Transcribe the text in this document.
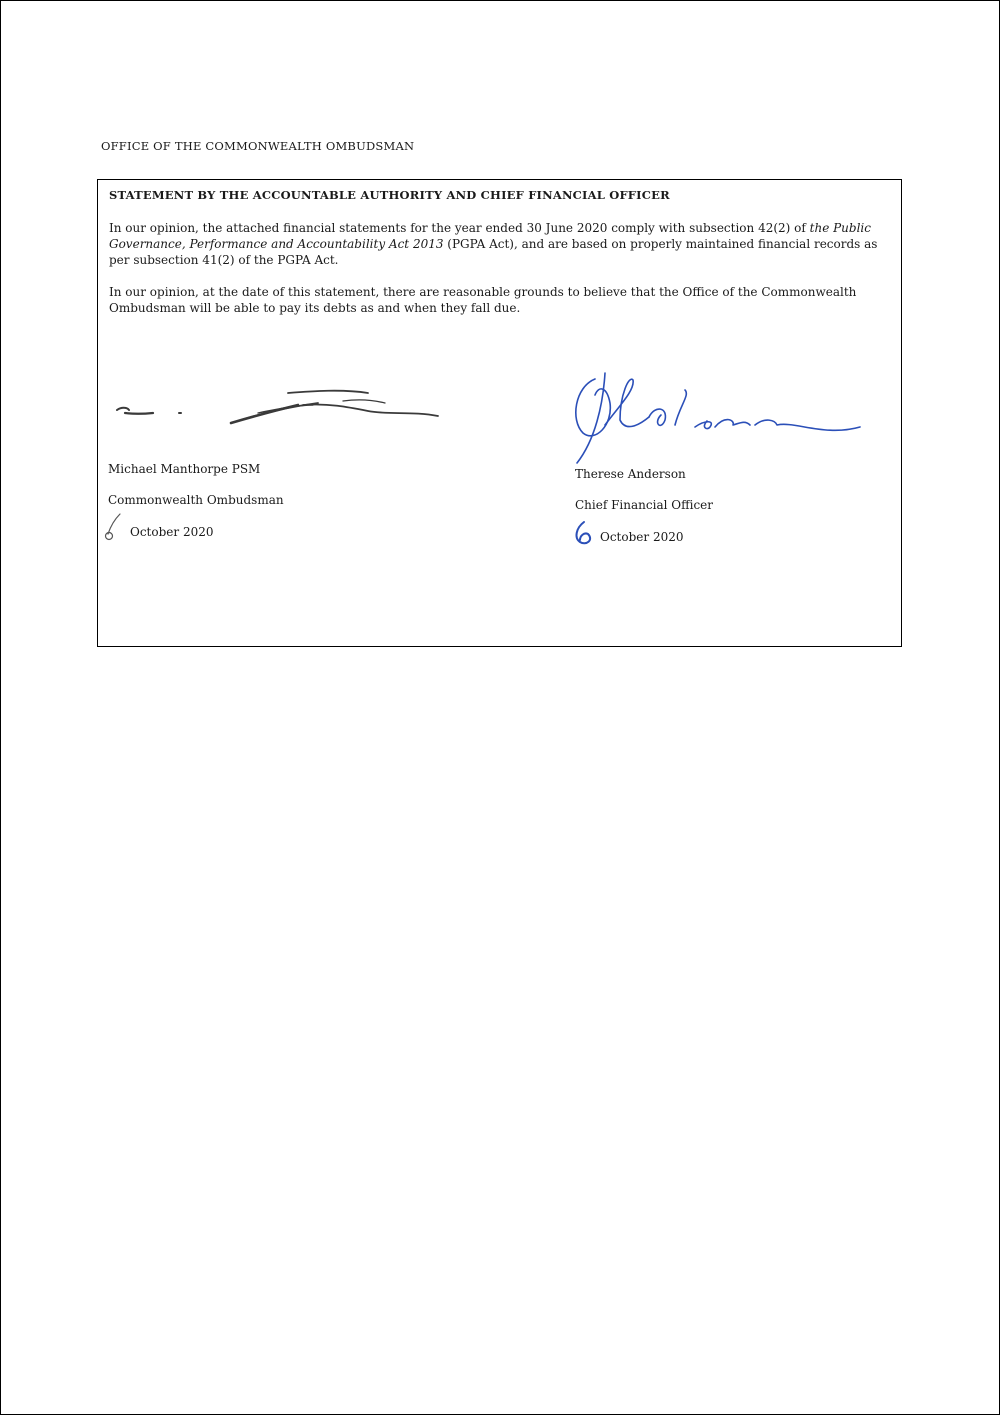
OFFICE OF THE COMMONWEALTH OMBUDSMAN
STATEMENT BY THE ACCOUNTABLE AUTHORITY AND CHIEF FINANCIAL OFFICER
In our opinion, the attached financial statements for the year ended 30 June 2020 comply with subsection 42(2) of the Public Governance, Performance and Accountability Act 2013 (PGPA Act), and are based on properly maintained financial records as per subsection 41(2) of the PGPA Act.
In our opinion, at the date of this statement, there are reasonable grounds to believe that the Office of the Commonwealth Ombudsman will be able to pay its debts as and when they fall due.
Michael Manthorpe PSM
Commonwealth Ombudsman
October 2020
Therese Anderson
Chief Financial Officer
October 2020
